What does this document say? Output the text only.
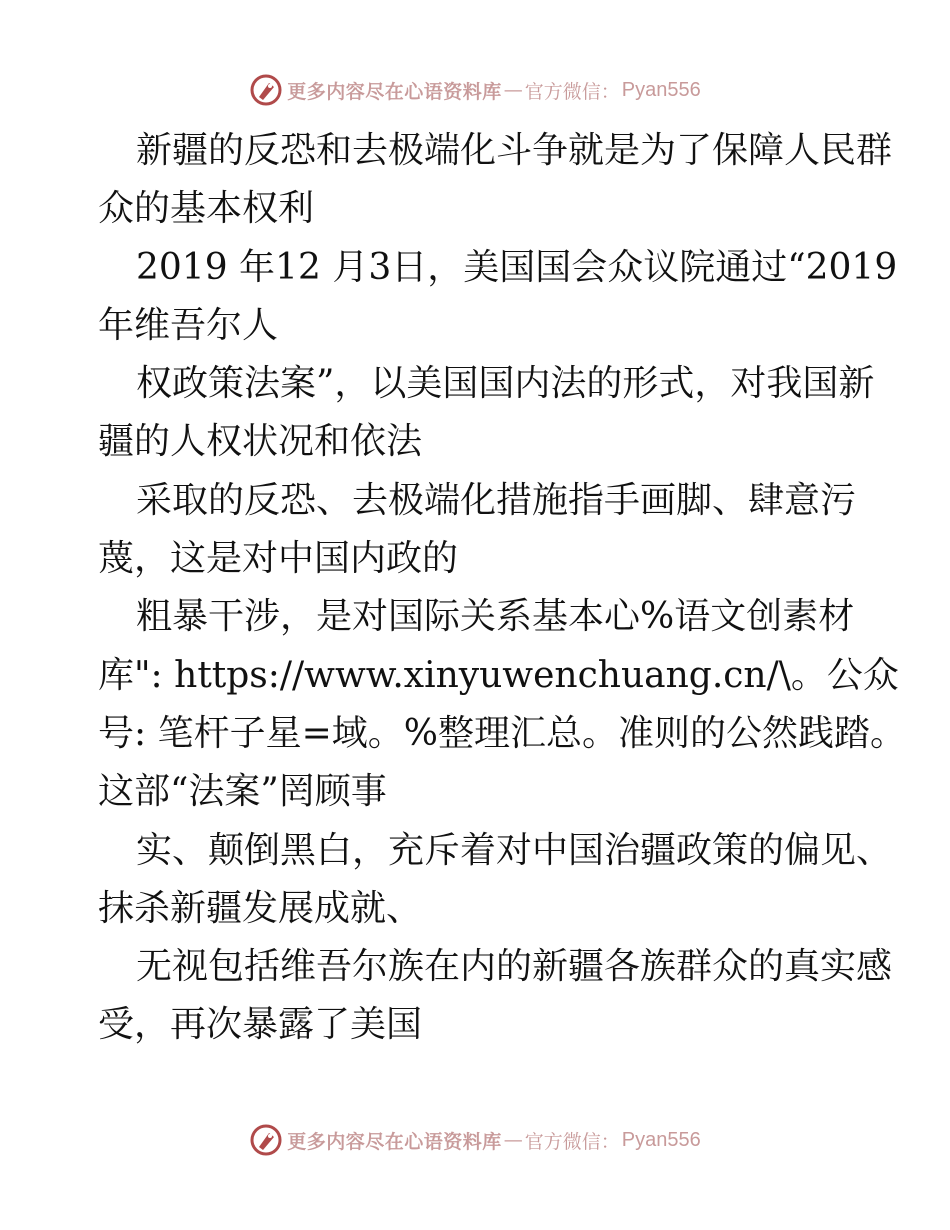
更多内容尽在心语资料库 — 官方微信： Pyan556
新疆的反恐和去极端化斗争就是为了保障人民群
众的基本权利
2019 年12 月3日，美国国会众议院通过“2019
年维吾尔人
权政策法案”，以美国国内法的形式，对我国新
疆的人权状况和依法
采取的反恐、去极端化措施指手画脚、肆意污
蔑，这是对中国内政的
粗暴干涉，是对国际关系基本心%语文创素材
库": https://www.xinyuwenchuang.cn/\。公众
号: 笔杆子星=域。%整理汇总。准则的公然践踏。
这部“法案”罔顾事
实、颠倒黑白，充斥着对中国治疆政策的偏见、
抹杀新疆发展成就、
无视包括维吾尔族在内的新疆各族群众的真实感
受，再次暴露了美国
更多内容尽在心语资料库 — 官方微信： Pyan556
